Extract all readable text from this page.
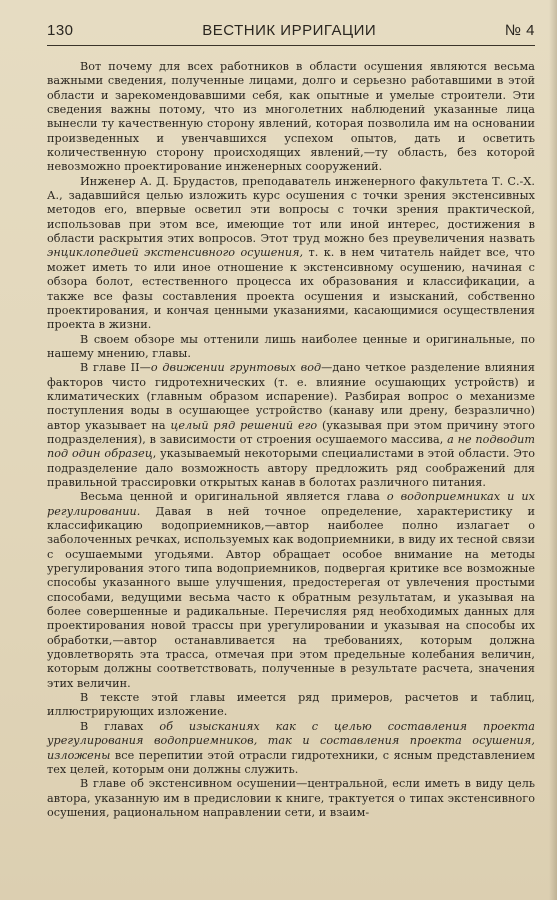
130	ВЕСТНИК ИРРИГАЦИИ	№ 4

Вот почему для всех работников в области осушения являются весьма важными сведения, полученные лицами, долго и серьезно работавшими в этой области и зарекомендовавшими себя, как опытные и умелые строители. Эти сведения важны потому, что из многолетних наблюдений указанные лица вынесли ту качественную сторону явлений, которая позволила им на основании произведенных и увенчавшихся успехом опытов, дать и осветить количественную сторону происходящих явлений,—ту область, без которой невозможно проектирование инженерных сооружений.

Инженер А. Д. Брудастов, преподаватель инженерного факультета Т. С.-Х. А., задавшийся целью изложить курс осушения с точки зрения экстенсивных методов его, впервые осветил эти вопросы с точки зрения практической, использовав при этом все, имеющие тот или иной интерес, достижения в области раскрытия этих вопросов. Этот труд можно без преувеличения назвать энциклопедией экстенсивного осушения, т. к. в нем читатель найдет все, что может иметь то или иное отношение к экстенсивному осушению, начиная с обзора болот, естественного процесса их образования и классификации, а также все фазы составления проекта осушения и изысканий, собственно проектирования, и кончая ценными указаниями, касающимися осуществления проекта в жизни.

В своем обзоре мы оттенили лишь наиболее ценные и оригинальные, по нашему мнению, главы.

В главе II—о движении грунтовых вод—дано четкое разделение влияния факторов чисто гидротехнических (т. е. влияние осушающих устройств) и климатических (главным образом испарение). Разбирая вопрос о механизме поступления воды в осушающее устройство (канаву или дрену, безразлично) автор указывает на целый ряд решений его (указывая при этом причину этого подразделения), в зависимости от строения осушаемого массива, а не подводит под один образец, указываемый некоторыми специалистами в этой области. Это подразделение дало возможность автору предложить ряд соображений для правильной трассировки открытых канав в болотах различного питания.

Весьма ценной и оригинальной является глава о водоприемниках и их регулировании. Давая в ней точное определение, характеристику и классификацию водоприемников,—автор наиболее полно излагает о заболоченных речках, используемых как водоприемники, в виду их тесной связи с осушаемыми угодьями. Автор обращает особое внимание на методы урегулирования этого типа водоприемников, подвергая критике все возможные способы указанного выше улучшения, предостерегая от увлечения простыми способами, ведущими весьма часто к обратным результатам, и указывая на более совершенные и радикальные. Перечисляя ряд необходимых данных для проектирования новой трассы при урегулировании и указывая на способы их обработки,—автор останавливается на требованиях, которым должна удовлетворять эта трасса, отмечая при этом предельные колебания величин, которым должны соответствовать, полученные в результате расчета, значения этих величин.

В тексте этой главы имеется ряд примеров, расчетов и таблиц, иллюстрирующих изложение.

В главах об изысканиях как с целью составления проекта урегулирования водоприемников, так и составления проекта осушения, изложены все перепитии этой отрасли гидротехники, с ясным представлением тех целей, которым они должны служить.

В главе об экстенсивном осушении—центральной, если иметь в виду цель автора, указанную им в предисловии к книге, трактуется о типах экстенсивного осушения, рациональном направлении сети, и взаим-
